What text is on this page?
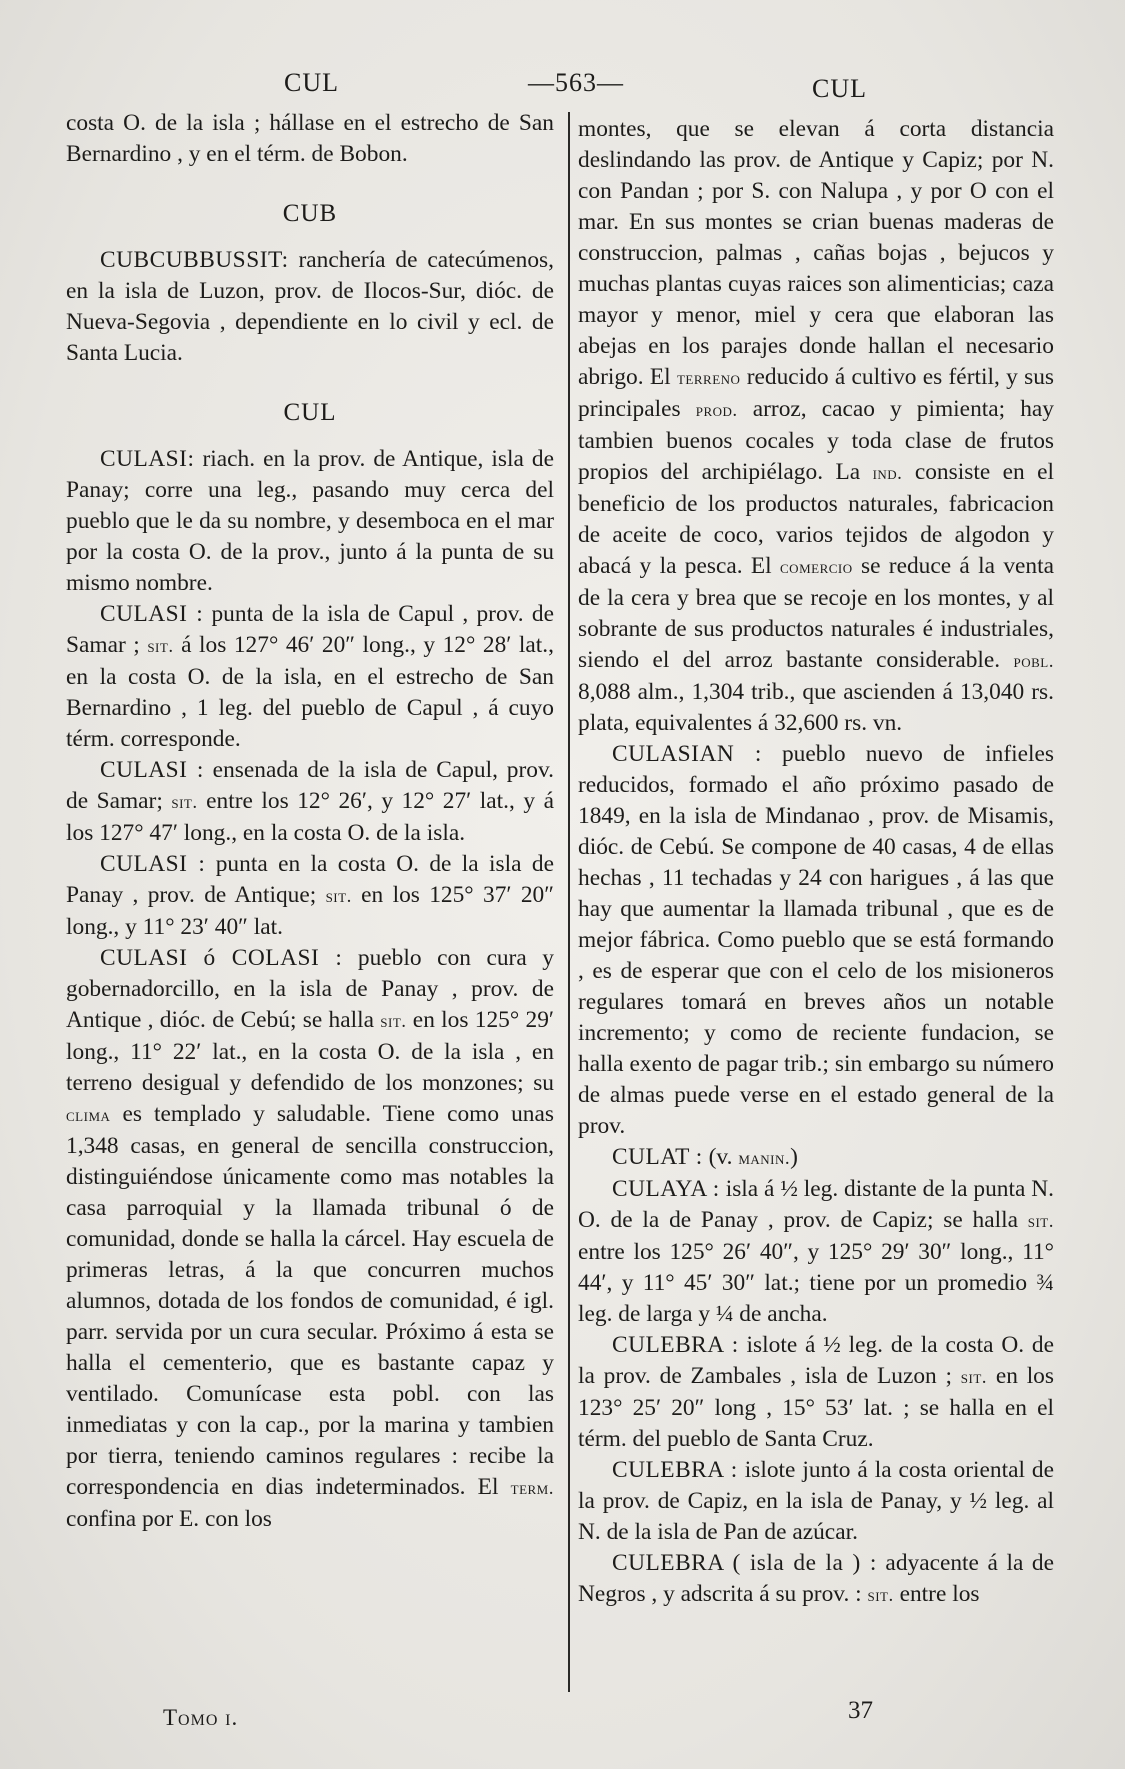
CUL	—563—	CUL

costa O. de la isla ; hállase en el estrecho de San Bernardino , y en el térm. de Bobon.

CUB

CUBCUBBUSSIT: ranchería de catecúmenos, en la isla de Luzon, prov. de Ilocos-Sur, dióc. de Nueva-Segovia , dependiente en lo civil y ecl. de Santa Lucia.

CUL

CULASI: riach. en la prov. de Antique, isla de Panay; corre una leg., pasando muy cerca del pueblo que le da su nombre, y desemboca en el mar por la costa O. de la prov., junto á la punta de su mismo nombre.

CULASI : punta de la isla de Capul , prov. de Samar ; sit. á los 127° 46′ 20″ long., y 12° 28′ lat., en la costa O. de la isla, en el estrecho de San Bernardino , 1 leg. del pueblo de Capul , á cuyo térm. corresponde.

CULASI : ensenada de la isla de Capul, prov. de Samar; sit. entre los 12° 26′, y 12° 27′ lat., y á los 127° 47′ long., en la costa O. de la isla.

CULASI : punta en la costa O. de la isla de Panay , prov. de Antique; sit. en los 125° 37′ 20″ long., y 11° 23′ 40″ lat.

CULASI ó COLASI : pueblo con cura y gobernadorcillo, en la isla de Panay , prov. de Antique , dióc. de Cebú; se halla sit. en los 125° 29′ long., 11° 22′ lat., en la costa O. de la isla , en terreno desigual y defendido de los monzones; su clima es templado y saludable. Tiene como unas 1,348 casas, en general de sencilla construccion, distinguiéndose únicamente como mas notables la casa parroquial y la llamada tribunal ó de comunidad, donde se halla la cárcel. Hay escuela de primeras letras, á la que concurren muchos alumnos, dotada de los fondos de comunidad, é igl. parr. servida por un cura secular. Próximo á esta se halla el cementerio, que es bastante capaz y ventilado. Comunícase esta pobl. con las inmediatas y con la cap., por la marina y tambien por tierra, teniendo caminos regulares : recibe la correspondencia en dias indeterminados. El term. confina por E. con los

montes, que se elevan á corta distancia deslindando las prov. de Antique y Capiz; por N. con Pandan ; por S. con Nalupa , y por O con el mar. En sus montes se crian buenas maderas de construccion, palmas , cañas bojas , bejucos y muchas plantas cuyas raices son alimenticias; caza mayor y menor, miel y cera que elaboran las abejas en los parajes donde hallan el necesario abrigo. El terreno reducido á cultivo es fértil, y sus principales prod. arroz, cacao y pimienta; hay tambien buenos cocales y toda clase de frutos propios del archipiélago. La ind. consiste en el beneficio de los productos naturales, fabricacion de aceite de coco, varios tejidos de algodon y abacá y la pesca. El comercio se reduce á la venta de la cera y brea que se recoje en los montes, y al sobrante de sus productos naturales é industriales, siendo el del arroz bastante considerable. pobl. 8,088 alm., 1,304 trib., que ascienden á 13,040 rs. plata, equivalentes á 32,600 rs. vn.

CULASIAN : pueblo nuevo de infieles reducidos, formado el año próximo pasado de 1849, en la isla de Mindanao , prov. de Misamis, dióc. de Cebú. Se compone de 40 casas, 4 de ellas hechas , 11 techadas y 24 con harigues , á las que hay que aumentar la llamada tribunal , que es de mejor fábrica. Como pueblo que se está formando , es de esperar que con el celo de los misioneros regulares tomará en breves años un notable incremento; y como de reciente fundacion, se halla exento de pagar trib.; sin embargo su número de almas puede verse en el estado general de la prov.

CULAT : (v. manin.)

CULAYA : isla á ½ leg. distante de la punta N. O. de la de Panay , prov. de Capiz; se halla sit. entre los 125° 26′ 40″, y 125° 29′ 30″ long., 11° 44′, y 11° 45′ 30″ lat.; tiene por un promedio ¾ leg. de larga y ¼ de ancha.

CULEBRA : islote á ½ leg. de la costa O. de la prov. de Zambales , isla de Luzon ; sit. en los 123° 25′ 20″ long , 15° 53′ lat. ; se halla en el térm. del pueblo de Santa Cruz.

CULEBRA : islote junto á la costa oriental de la prov. de Capiz, en la isla de Panay, y ½ leg. al N. de la isla de Pan de azúcar.

CULEBRA ( isla de la ) : adyacente á la de Negros , y adscrita á su prov. : sit. entre los

Tomo i.	37
